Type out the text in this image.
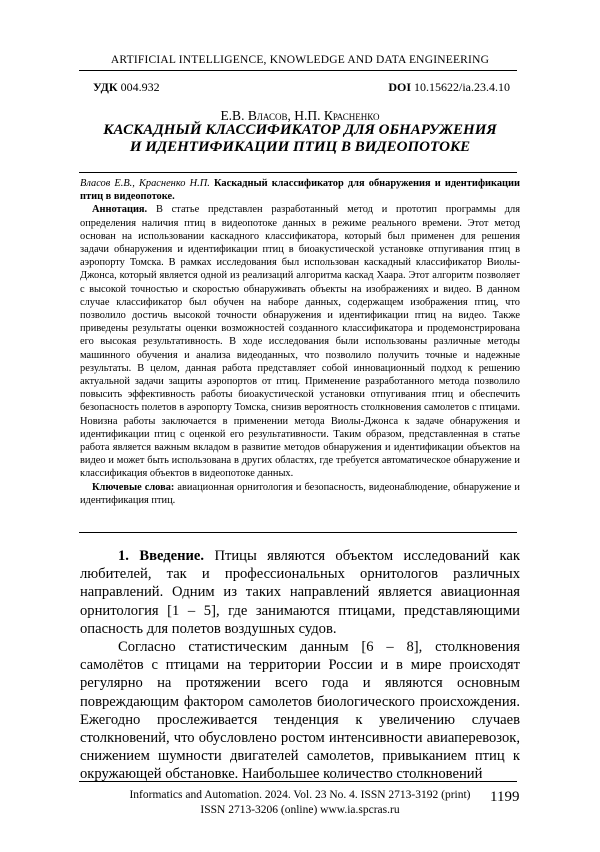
ARTIFICIAL INTELLIGENCE, KNOWLEDGE AND DATA ENGINEERING
УДК 004.932	DOI 10.15622/ia.23.4.10
Е.В. Власов, Н.П. Красненко
КАСКАДНЫЙ КЛАССИФИКАТОР ДЛЯ ОБНАРУЖЕНИЯ
И ИДЕНТИФИКАЦИИ ПТИЦ В ВИДЕОПОТОКЕ

Власов Е.В., Красненко Н.П. Каскадный классификатор для обнаружения и идентификации птиц в видеопотоке.

Аннотация. В статье представлен разработанный метод и прототип программы для определения наличия птиц в видеопотоке данных в режиме реального времени. Этот метод основан на использовании каскадного классификатора, который был применен для решения задачи обнаружения и идентификации птиц в биоакустической установке отпугивания птиц в аэропорту Томска. В рамках исследования был использован каскадный классификатор Виолы-Джонса, который является одной из реализаций алгоритма каскад Хаара. Этот алгоритм позволяет с высокой точностью и скоростью обнаруживать объекты на изображениях и видео. В данном случае классификатор был обучен на наборе данных, содержащем изображения птиц, что позволило достичь высокой точности обнаружения и идентификации птиц на видео. Также приведены результаты оценки возможностей созданного классификатора и продемонстрирована его высокая результативность. В ходе исследования были использованы различные методы машинного обучения и анализа видеоданных, что позволило получить точные и надежные результаты. В целом, данная работа представляет собой инновационный подход к решению актуальной задачи защиты аэропортов от птиц. Применение разработанного метода позволило повысить эффективность работы биоакустической установки отпугивания птиц и обеспечить безопасность полетов в аэропорту Томска, снизив вероятность столкновения самолетов с птицами. Новизна работы заключается в применении метода Виолы-Джонса к задаче обнаружения и идентификации птиц с оценкой его результативности. Таким образом, представленная в статье работа является важным вкладом в развитие методов обнаружения и идентификации объектов на видео и может быть использована в других областях, где требуется автоматическое обнаружение и классификация объектов в видеопотоке данных.

Ключевые слова: авиационная орнитология и безопасность, видеонаблюдение, обнаружение и идентификация птиц.

1. Введение. Птицы являются объектом исследований как любителей, так и профессиональных орнитологов различных направлений. Одним из таких направлений является авиационная орнитология [1 – 5], где занимаются птицами, представляющими опасность для полетов воздушных судов.

Согласно статистическим данным [6 – 8], столкновения самолётов с птицами на территории России и в мире происходят регулярно на протяжении всего года и являются основным повреждающим фактором самолетов биологического происхождения. Ежегодно прослеживается тенденция к увеличению случаев столкновений, что обусловлено ростом интенсивности авиаперевозок, снижением шумности двигателей самолетов, привыканием птиц к окружающей обстановке. Наибольшее количество столкновений

Informatics and Automation. 2024. Vol. 23 No. 4. ISSN 2713-3192 (print)
ISSN 2713-3206 (online) www.ia.spcras.ru
1199
